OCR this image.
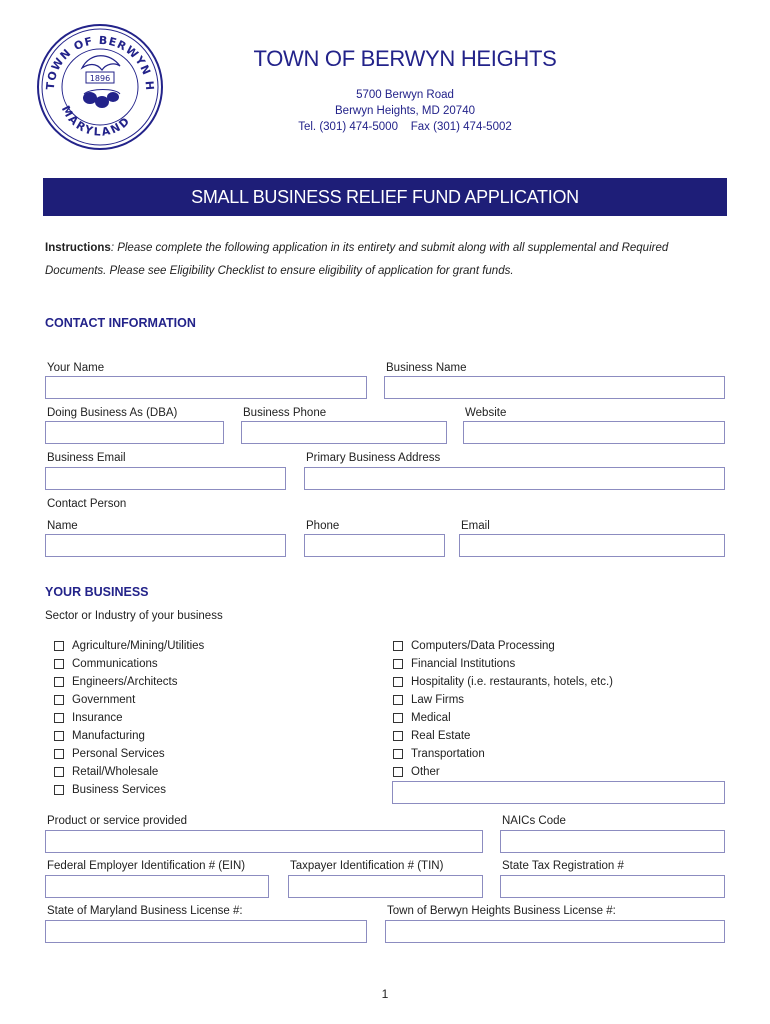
TOWN OF BERWYN H
MARYLAND
1896
TOWN OF BERWYN HEIGHTS
5700 Berwyn Road
Berwyn Heights, MD 20740
Tel. (301) 474-5000    Fax (301) 474-5002
SMALL BUSINESS RELIEF FUND APPLICATION
Instructions: Please complete the following application in its entirety and submit along with all supplemental and Required
Documents. Please see Eligibility Checklist to ensure eligibility of application for grant funds.
CONTACT INFORMATION
Your Name	Business Name
Doing Business As (DBA)	Business Phone	Website
Business Email	Primary Business Address
Contact Person
Name	Phone	Email
YOUR BUSINESS
Sector or Industry of your business
Agriculture/Mining/Utilities
Communications
Engineers/Architects
Government
Insurance
Manufacturing
Personal Services
Retail/Wholesale
Business Services
Computers/Data Processing
Financial Institutions
Hospitality (i.e. restaurants, hotels, etc.)
Law Firms
Medical
Real Estate
Transportation
Other
Product or service provided	NAICs Code
Federal Employer Identification # (EIN)	Taxpayer Identification # (TIN)	State Tax Registration #
State of Maryland Business License #:	Town of Berwyn Heights Business License #:
1
